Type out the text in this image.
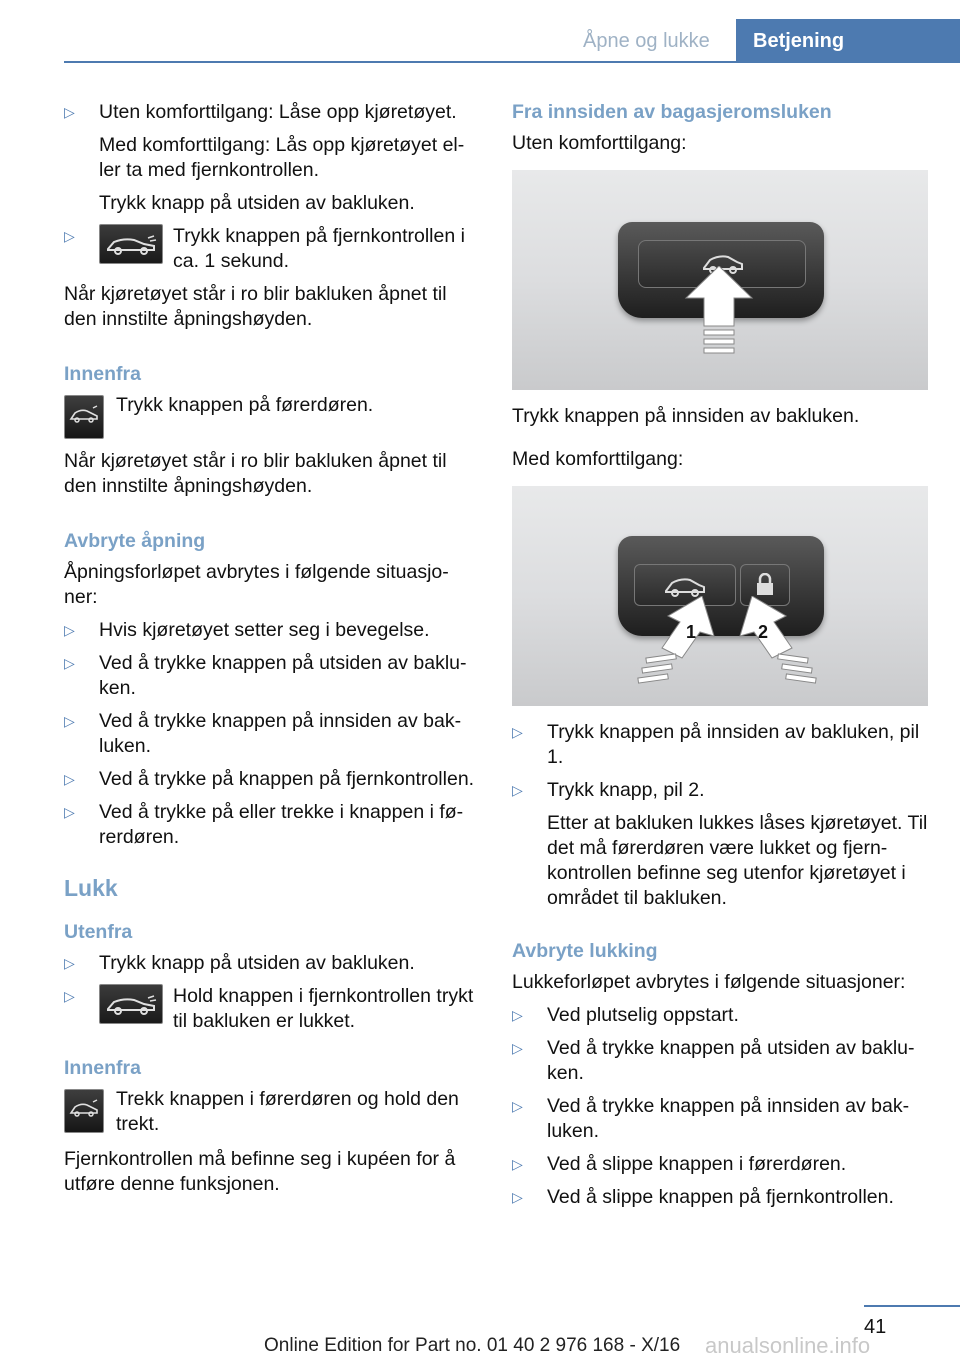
Åpne og lukke	Betjening
▷ Uten komforttilgang: Låse opp kjøretøyet.
Med komforttilgang: Lås opp kjøretøyet el-ler ta med fjernkontrollen.
Trykk knapp på utsiden av bakluken.
▷	Trykk knappen på fjernkontrollen i ca. 1 sekund.
Når kjøretøyet står i ro blir bakluken åpnet til den innstilte åpningshøyden.
Innenfra
Trykk knappen på førerdøren.
Når kjøretøyet står i ro blir bakluken åpnet til den innstilte åpningshøyden.
Avbryte åpning
Åpningsforløpet avbrytes i følgende situasjo-ner:
▷ Hvis kjøretøyet setter seg i bevegelse.
▷ Ved å trykke knappen på utsiden av baklu-ken.
▷ Ved å trykke knappen på innsiden av bak-luken.
▷ Ved å trykke på knappen på fjernkontrollen.
▷ Ved å trykke på eller trekke i knappen i fø-rerdøren.
Lukk
Utenfra
▷ Trykk knapp på utsiden av bakluken.
▷	Hold knappen i fjernkontrollen trykt til bakluken er lukket.
Innenfra
Trekk knappen i førerdøren og hold den trekt.
Fjernkontrollen må befinne seg i kupéen for å utføre denne funksjonen.
Fra innsiden av bagasjeromsluken
Uten komforttilgang:
Trykk knappen på innsiden av bakluken.
Med komforttilgang:
1	2
▷ Trykk knappen på innsiden av bakluken, pil 1.
▷ Trykk knapp, pil 2.
Etter at bakluken lukkes låses kjøretøyet. Til det må førerdøren være lukket og fjern-kontrollen befinne seg utenfor kjøretøyet i området til bakluken.
Avbryte lukking
Lukkeforløpet avbrytes i følgende situasjoner:
▷ Ved plutselig oppstart.
▷ Ved å trykke knappen på utsiden av baklu-ken.
▷ Ved å trykke knappen på innsiden av bak-luken.
▷ Ved å slippe knappen i førerdøren.
▷ Ved å slippe knappen på fjernkontrollen.
41
Online Edition for Part no. 01 40 2 976 168 - X/16 anualsonline.info
